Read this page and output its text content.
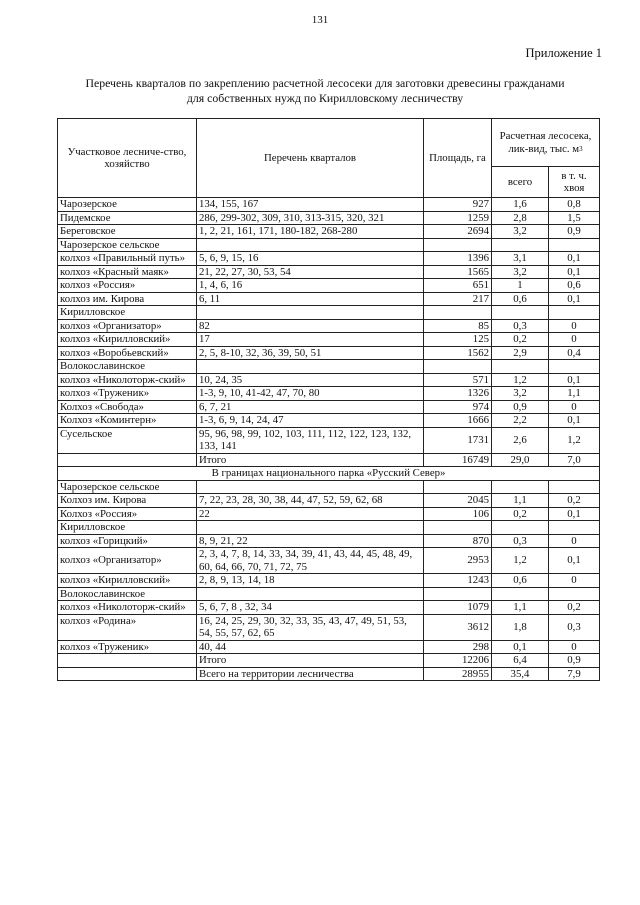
131
Приложение 1
Перечень кварталов по закреплению расчетной лесосеки для заготовки древесины гражданами
для собственных нужд по Кирилловскому лесничеству
Участковое лесниче-ство, хозяйство	Перечень кварталов	Площадь, га	Расчетная лесосека, лик-вид, тыс. $м^3$
			всего	в т. ч. хвоя
Чарозерское	134, 155, 167	927	1,6	0,8
Пидемское	286, 299-302, 309, 310, 313-315, 320, 321	1259	2,8	1,5
Береговское	1, 2, 21, 161, 171, 180-182, 268-280	2694	3,2	0,9
Чарозерское сельское				
колхоз «Правильный путь»	5, 6, 9, 15, 16	1396	3,1	0,1
колхоз «Красный маяк»	21, 22, 27, 30, 53, 54	1565	3,2	0,1
колхоз «Россия»	1, 4, 6, 16	651	1	0,6
колхоз им. Кирова	6, 11	217	0,6	0,1
Кирилловское				
колхоз «Организатор»	82	85	0,3	0
колхоз «Кирилловский»	17	125	0,2	0
колхоз «Воробьевский»	2, 5, 8-10, 32, 36, 39, 50, 51	1562	2,9	0,4
Волокославинское				
колхоз «Николоторж-ский»	10, 24, 35	571	1,2	0,1
колхоз «Труженик»	1-3, 9, 10, 41-42, 47, 70, 80	1326	3,2	1,1
Колхоз «Свобода»	6, 7, 21	974	0,9	0
Колхоз «Коминтерн»	1-3, 6, 9, 14, 24, 47	1666	2,2	0,1
Сусельское	95, 96, 98, 99, 102, 103, 111, 112, 122, 123, 132, 133, 141	1731	2,6	1,2
	Итого	16749	29,0	7,0
В границах национального парка «Русский Север»				
Чарозерское сельское				
Колхоз им. Кирова	7, 22, 23, 28, 30, 38, 44, 47, 52, 59, 62, 68	2045	1,1	0,2
Колхоз «Россия»	22	106	0,2	0,1
Кирилловское				
колхоз «Горицкий»	8, 9, 21, 22	870	0,3	0
колхоз «Организатор»	2, 3, 4, 7, 8, 14, 33, 34, 39, 41, 43, 44, 45, 48, 49, 60, 64, 66, 70, 71, 72, 75	2953	1,2	0,1
колхоз «Кирилловский»	2, 8, 9, 13, 14, 18	1243	0,6	0
Волокославинское				
колхоз «Николоторж-ский»	5, 6, 7, 8 , 32, 34	1079	1,1	0,2
колхоз «Родина»	16, 24, 25, 29, 30, 32, 33, 35, 43, 47, 49, 51, 53, 54, 55, 57, 62, 65	3612	1,8	0,3
колхоз «Труженик»	40, 44	298	0,1	0
	Итого	12206	6,4	0,9
	Всего на территории лесничества	28955	35,4	7,9
